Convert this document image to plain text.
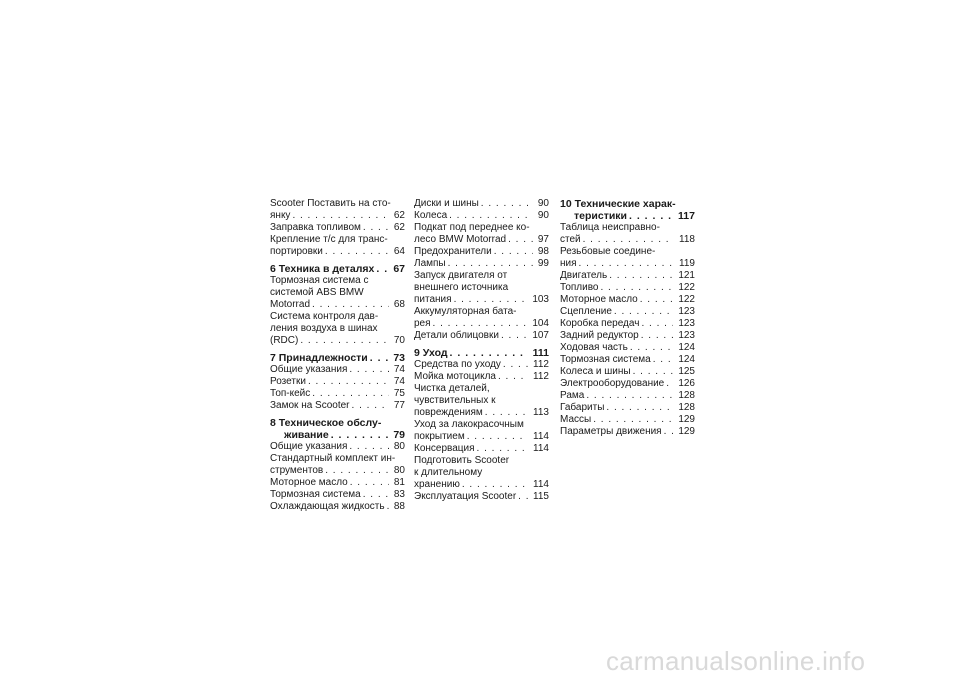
Scooter Поставить на сто-
янку . . .	62
Заправка топливом . . .	62
Крепление т/с для транс-
портировки . . .	64
6 Техника в деталях . . .	67
Тормозная система с
системой ABS BMW
Motorrad . . .	68
Система контроля дав-
ления воздуха в шинах
(RDC) . . .	70
7 Принадлежности . . .	73
Общие указания . . .	74
Розетки . . .	74
Топ-кейс . . .	75
Замок на Scooter . . .	77
8 Техническое обслу-
живание . . .	79
Общие указания . . .	80
Стандартный комплект ин-
струментов . . .	80
Моторное масло . . .	81
Тормозная система . . .	83
Охлаждающая жидкость . . . 88
Диски и шины . . .	90
Колеса . . .	90
Подкат под переднее ко-
лесо BMW Motorrad . . .	97
Предохранители . . .	98
Лампы . . .	99
Запуск двигателя от
внешнего источника
питания . . .	103
Аккумуляторная бата-
рея . . .	104
Детали облицовки . . .	107
9 Уход . . .	111
Средства по уходу . . .	112
Мойка мотоцикла . . .	112
Чистка деталей,
чувствительных к
повреждениям . . .	113
Уход за лакокрасочным
покрытием . . .	114
Консервация . . .	114
Подготовить Scooter
к длительному
хранению . . .	114
Эксплуатация Scooter . . .	115
10 Технические харак-
теристики . . .	117
Таблица неисправно-
стей . . .	118
Резьбовые соедине-
ния . . .	119
Двигатель . . .	121
Топливо . . .	122
Моторное масло . . .	122
Сцепление . . .	123
Коробка передач . . .	123
Задний редуктор . . .	123
Ходовая часть . . .	124
Тормозная система . . .	124
Колеса и шины . . .	125
Электрооборудование . . .	126
Рама . . .	128
Габариты . . .	128
Массы . . .	129
Параметры движения . . .	129
carmanualsonline.info
